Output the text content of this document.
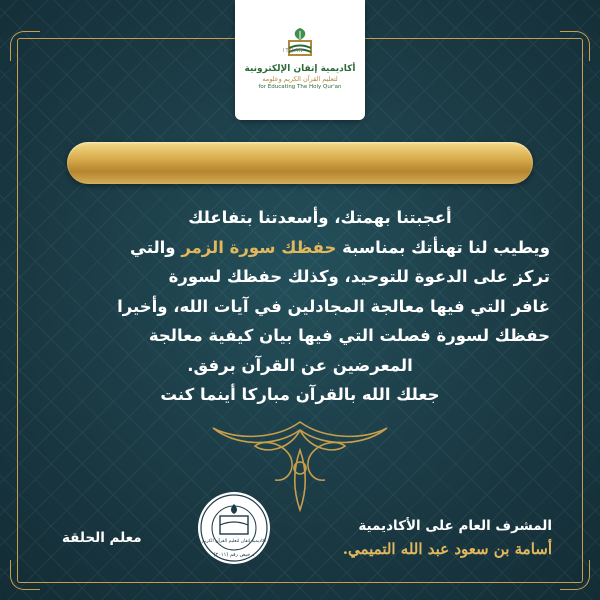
ITQAN
أكاديمية إتقان الإلكترونية
لتعليم القرآن الكريم وعلومه
for Educating The Holy Qur'an
أعجبتنا بهمتك، وأسعدتنا بتفاعلك
ويطيب لنا تهنأتك بمناسبة حفظك سورة الزمر والتي
تركز على الدعوة للتوحيد، وكذلك حفظك لسورة
غافر التي فيها معالجة المجادلين في آيات الله، وأخيرا
حفظك لسورة فصلت التي فيها بيان كيفية معالجة
المعرضين عن القرآن برفق.
جعلك الله بالقرآن مباركا أينما كنت
أكاديمية إتقان لتعليم القرآن الكريم
ترخيص رقم (٢٠١١)
المشرف العام على الأكاديمية
أسامة بن سعود عبد الله التميمي.
معلم الحلقة
